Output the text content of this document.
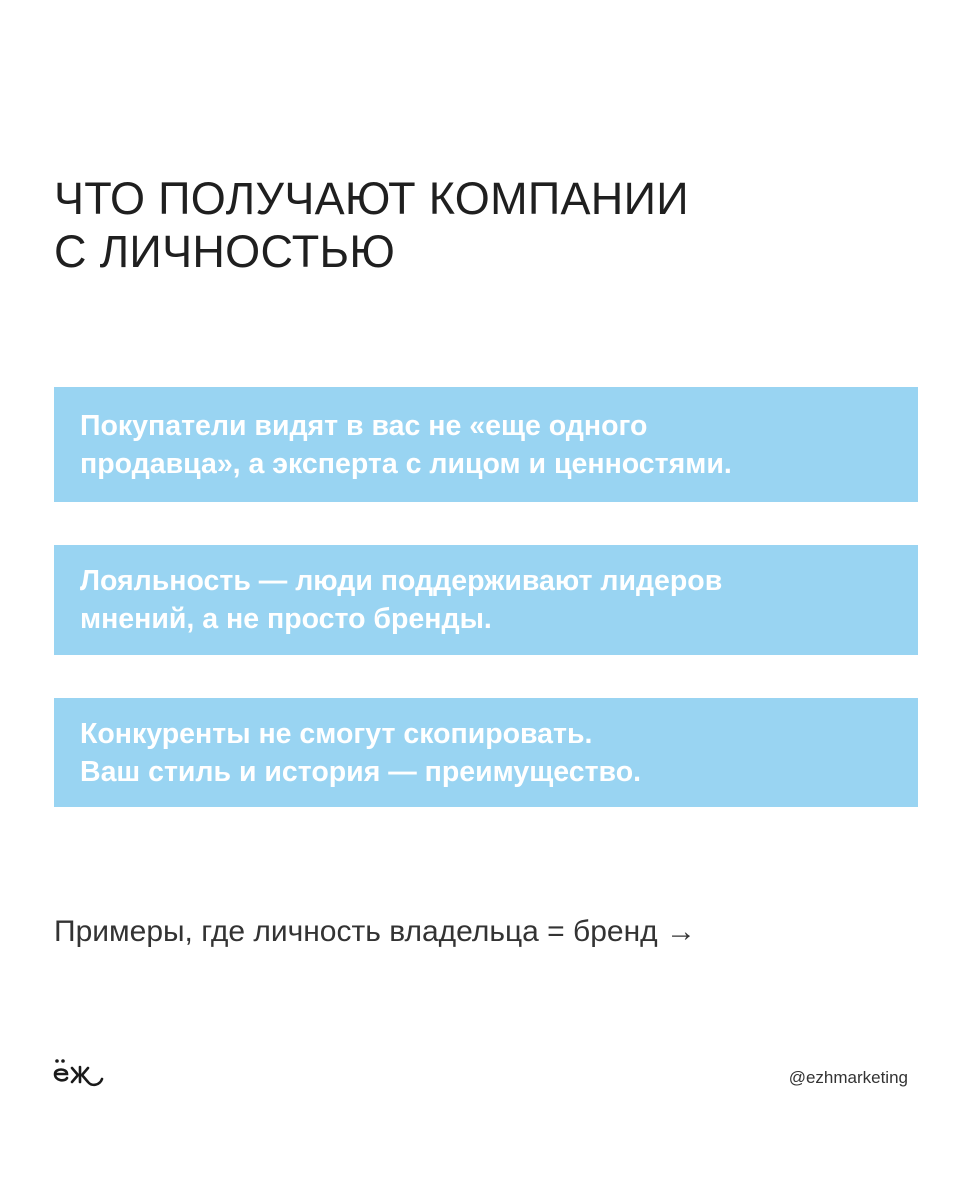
ЧТО ПОЛУЧАЮТ КОМПАНИИ
С ЛИЧНОСТЬЮ
Покупатели видят в вас не «еще одного
продавца», а эксперта с лицом и ценностями.
Лояльность — люди поддерживают лидеров
мнений, а не просто бренды.
Конкуренты не смогут скопировать.
Ваш стиль и история — преимущество.
Примеры, где личность владельца = бренд →
@ezhmarketing
